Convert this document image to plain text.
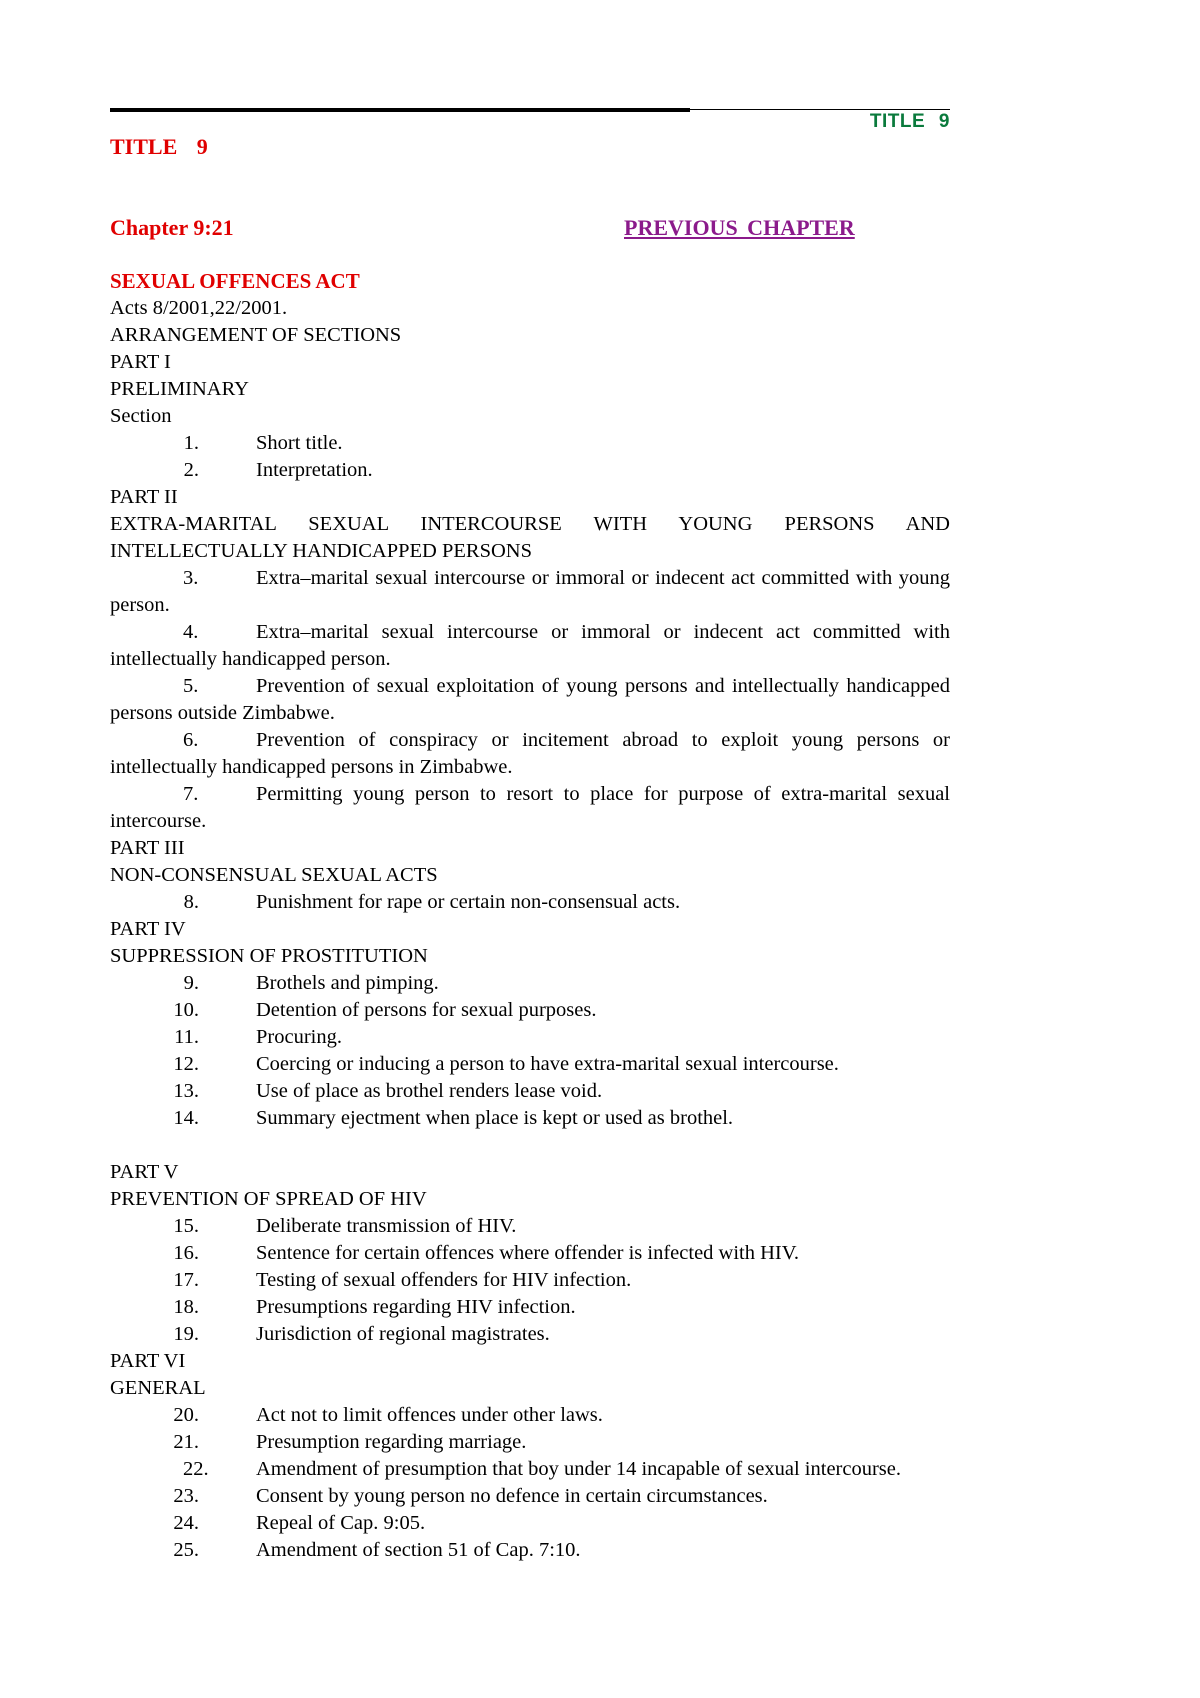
TITLE 9
TITLE 9
Chapter 9:21	PREVIOUS CHAPTER
SEXUAL OFFENCES ACT
Acts 8/2001,22/2001.
ARRANGEMENT OF SECTIONS
PART I
PRELIMINARY
Section
1.	Short title.
2.	Interpretation.
PART II
EXTRA-MARITAL SEXUAL INTERCOURSE WITH YOUNG PERSONS AND INTELLECTUALLY HANDICAPPED PERSONS
3.	Extra–marital sexual intercourse or immoral or indecent act committed with young person.
4.	Extra–marital sexual intercourse or immoral or indecent act committed with intellectually handicapped person.
5.	Prevention of sexual exploitation of young persons and intellectually handicapped persons outside Zimbabwe.
6.	Prevention of conspiracy or incitement abroad to exploit young persons or intellectually handicapped persons in Zimbabwe.
7.	Permitting young person to resort to place for purpose of extra-marital sexual intercourse.
PART III
NON-CONSENSUAL SEXUAL ACTS
8.	Punishment for rape or certain non-consensual acts.
PART IV
SUPPRESSION OF PROSTITUTION
9.	Brothels and pimping.
10.	Detention of persons for sexual purposes.
11.	Procuring.
12.	Coercing or inducing a person to have extra-marital sexual intercourse.
13.	Use of place as brothel renders lease void.
14.	Summary ejectment when place is kept or used as brothel.
PART V
PREVENTION OF SPREAD OF HIV
15.	Deliberate transmission of HIV.
16.	Sentence for certain offences where offender is infected with HIV.
17.	Testing of sexual offenders for HIV infection.
18.	Presumptions regarding HIV infection.
19.	Jurisdiction of regional magistrates.
PART VI
GENERAL
20.	Act not to limit offences under other laws.
21.	Presumption regarding marriage.
22. Amendment of presumption that boy under 14 incapable of sexual intercourse.
23.	Consent by young person no defence in certain circumstances.
24.	Repeal of Cap. 9:05.
25.	Amendment of section 51 of Cap. 7:10.
